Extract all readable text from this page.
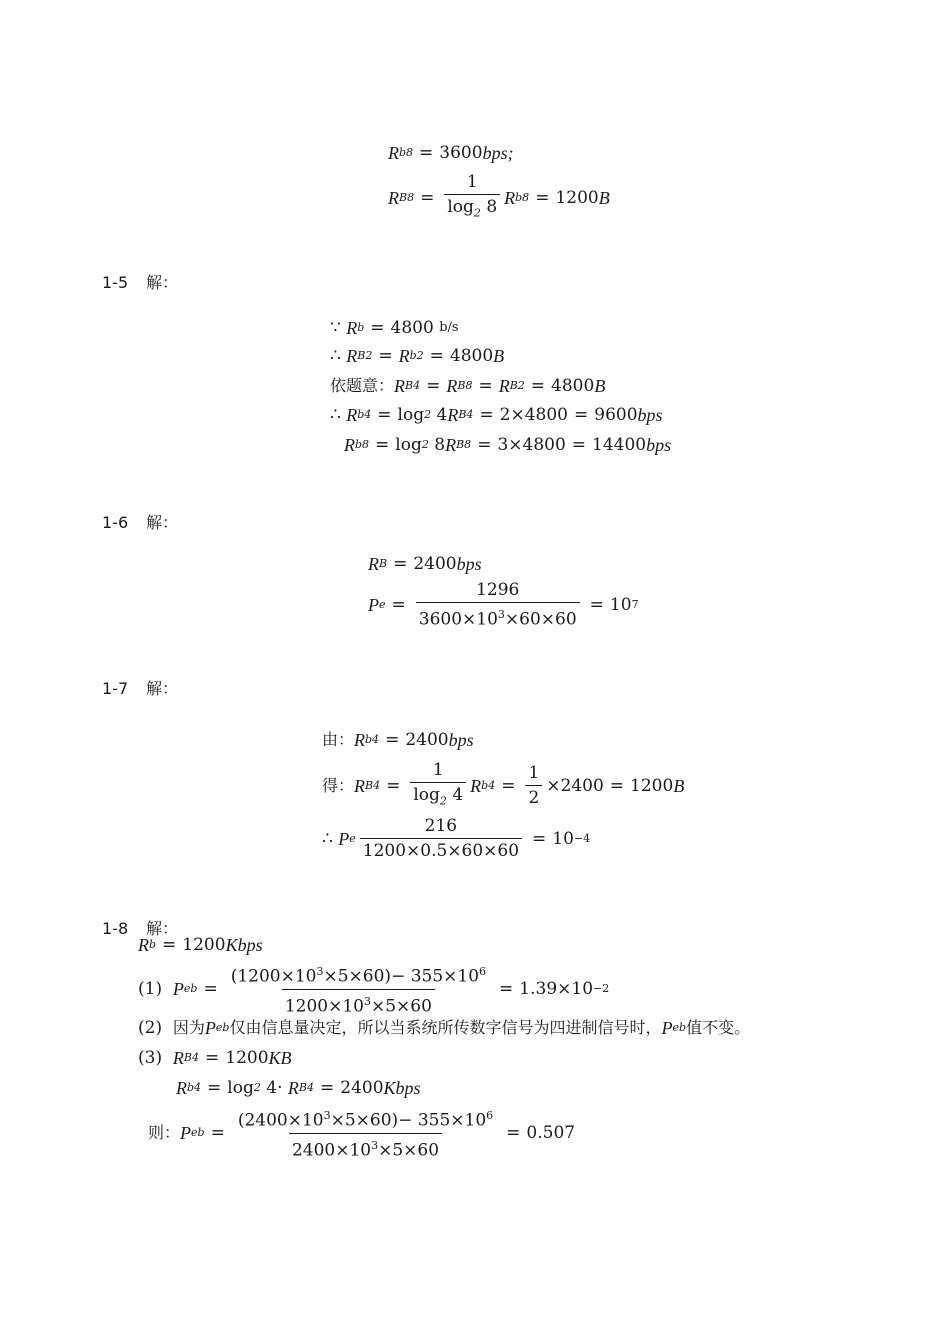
R b8 = 3600 bps;
R $B8 = \frac{1}{\log_2 8}$ R b8 = 1200 B
1-5 解：
∵
R b = 4800
b/s
∴
R B2 = R b2 = 4800 B
依题意： R B4 = R B8 = R B2 = 4800 B
∴
R b4 = log 2
4 R B4 = 2×4800 = 9600 bps
R b8 = log 2
8 R B8 = 3×4800 = 14400 bps
1-6 解：
R B = 2400 bps
P $e = \frac{1296}{3600\times 10^3\times 60\times 60} = 10$ 7
1-7 解：
由： R b4 = 2400 bps
得： R $B4 = \frac{1}{\log_2 4}$ R $b4 = \frac{1}{2} \times 2400 = 1200$ B
∴
P e $\frac{216}{1200\times 0.5\times 60\times 60} = 10 -4$
1-8 解：
R b = 1200 Kbps
(1)
P eb = $\frac{(1200\times 10^3\times 5\times 60)- 355\times 10^6}{1200\times 10^3\times 5\times 60} = 1.39\times 10 -2$
(2)
因为 P eb 仅由信息量决定，所以当系统所传数字信号为四进制信号时， P eb 值不变。
(3)
R B4 = 1200 KB
R b4 = log 2
4·
R B4 = 2400 Kbps
则： P eb = $\frac{(2400\times 10^3\times 5\times 60)- 355\times 10^6}{2400\times 10^3\times 5\times 60} = 0.507$
